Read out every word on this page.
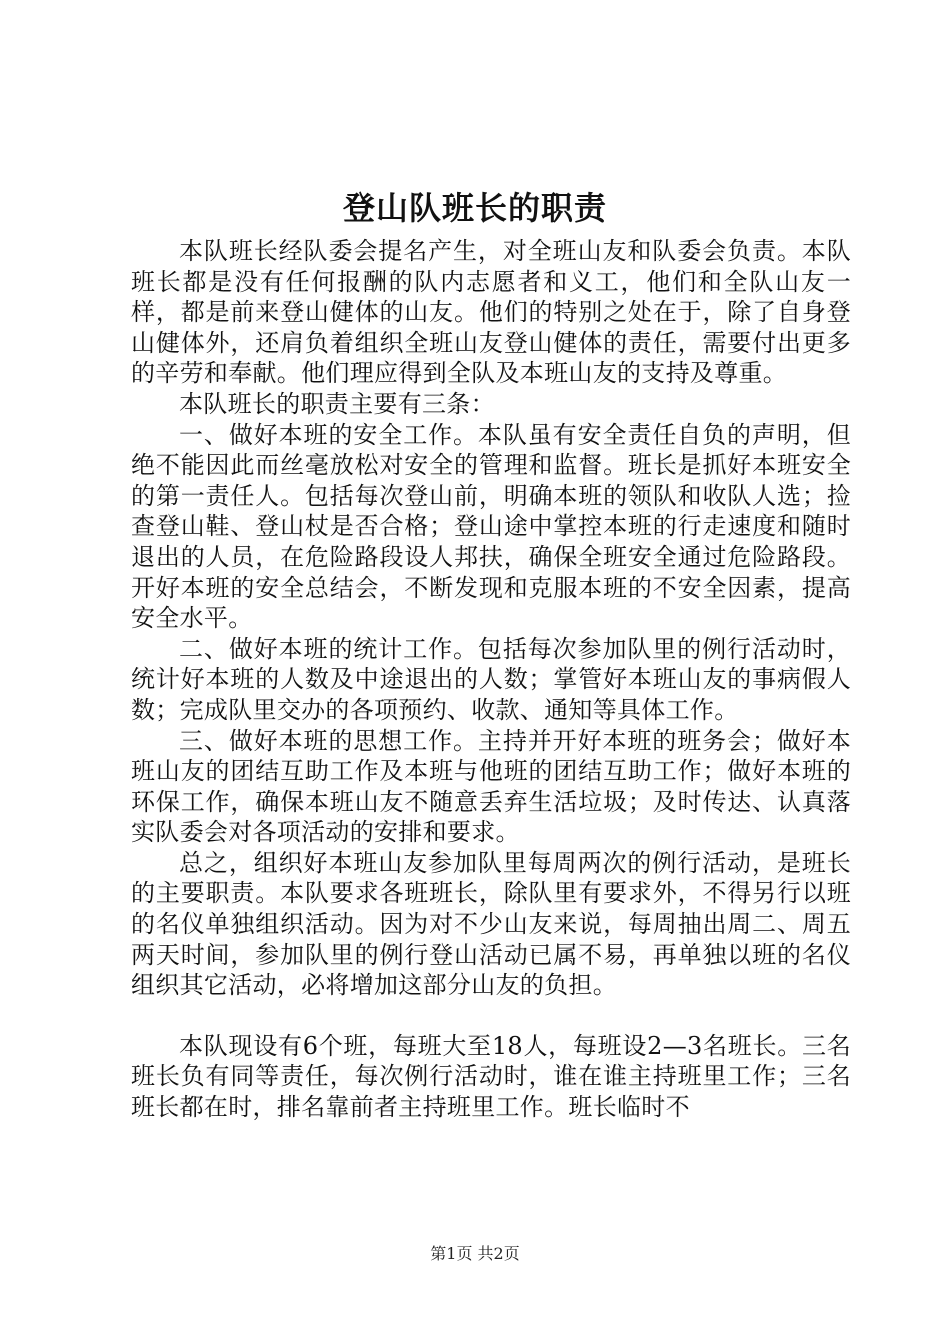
登山队班长的职责

本队班长经队委会提名产生，对全班山友和队委会负责。本队班长都是没有任何报酬的队内志愿者和义工，他们和全队山友一样，都是前来登山健体的山友。他们的特别之处在于，除了自身登山健体外，还肩负着组织全班山友登山健体的责任，需要付出更多的辛劳和奉献。他们理应得到全队及本班山友的支持及尊重。

本队班长的职责主要有三条：

一、做好本班的安全工作。本队虽有安全责任自负的声明，但绝不能因此而丝毫放松对安全的管理和监督。班长是抓好本班安全的第一责任人。包括每次登山前，明确本班的领队和收队人选；捡查登山鞋、登山杖是否合格；登山途中掌控本班的行走速度和随时退出的人员，在危险路段设人邦扶，确保全班安全通过危险路段。开好本班的安全总结会，不断发现和克服本班的不安全因素，提高安全水平。

二、做好本班的统计工作。包括每次参加队里的例行活动时，统计好本班的人数及中途退出的人数；掌管好本班山友的事病假人数；完成队里交办的各项预约、收款、通知等具体工作。

三、做好本班的思想工作。主持并开好本班的班务会；做好本班山友的团结互助工作及本班与他班的团结互助工作；做好本班的环保工作，确保本班山友不随意丢弃生活垃圾；及时传达、认真落实队委会对各项活动的安排和要求。

总之，组织好本班山友参加队里每周两次的例行活动，是班长的主要职责。本队要求各班班长，除队里有要求外，不得另行以班的名仪单独组织活动。因为对不少山友来说，每周抽出周二、周五两天时间，参加队里的例行登山活动已属不易，再单独以班的名仪组织其它活动，必将增加这部分山友的负担。

本队现设有6个班，每班大至18人，每班设2—3名班长。三名班长负有同等责任，每次例行活动时，谁在谁主持班里工作；三名班长都在时，排名靠前者主持班里工作。班长临时不

第1页 共2页
